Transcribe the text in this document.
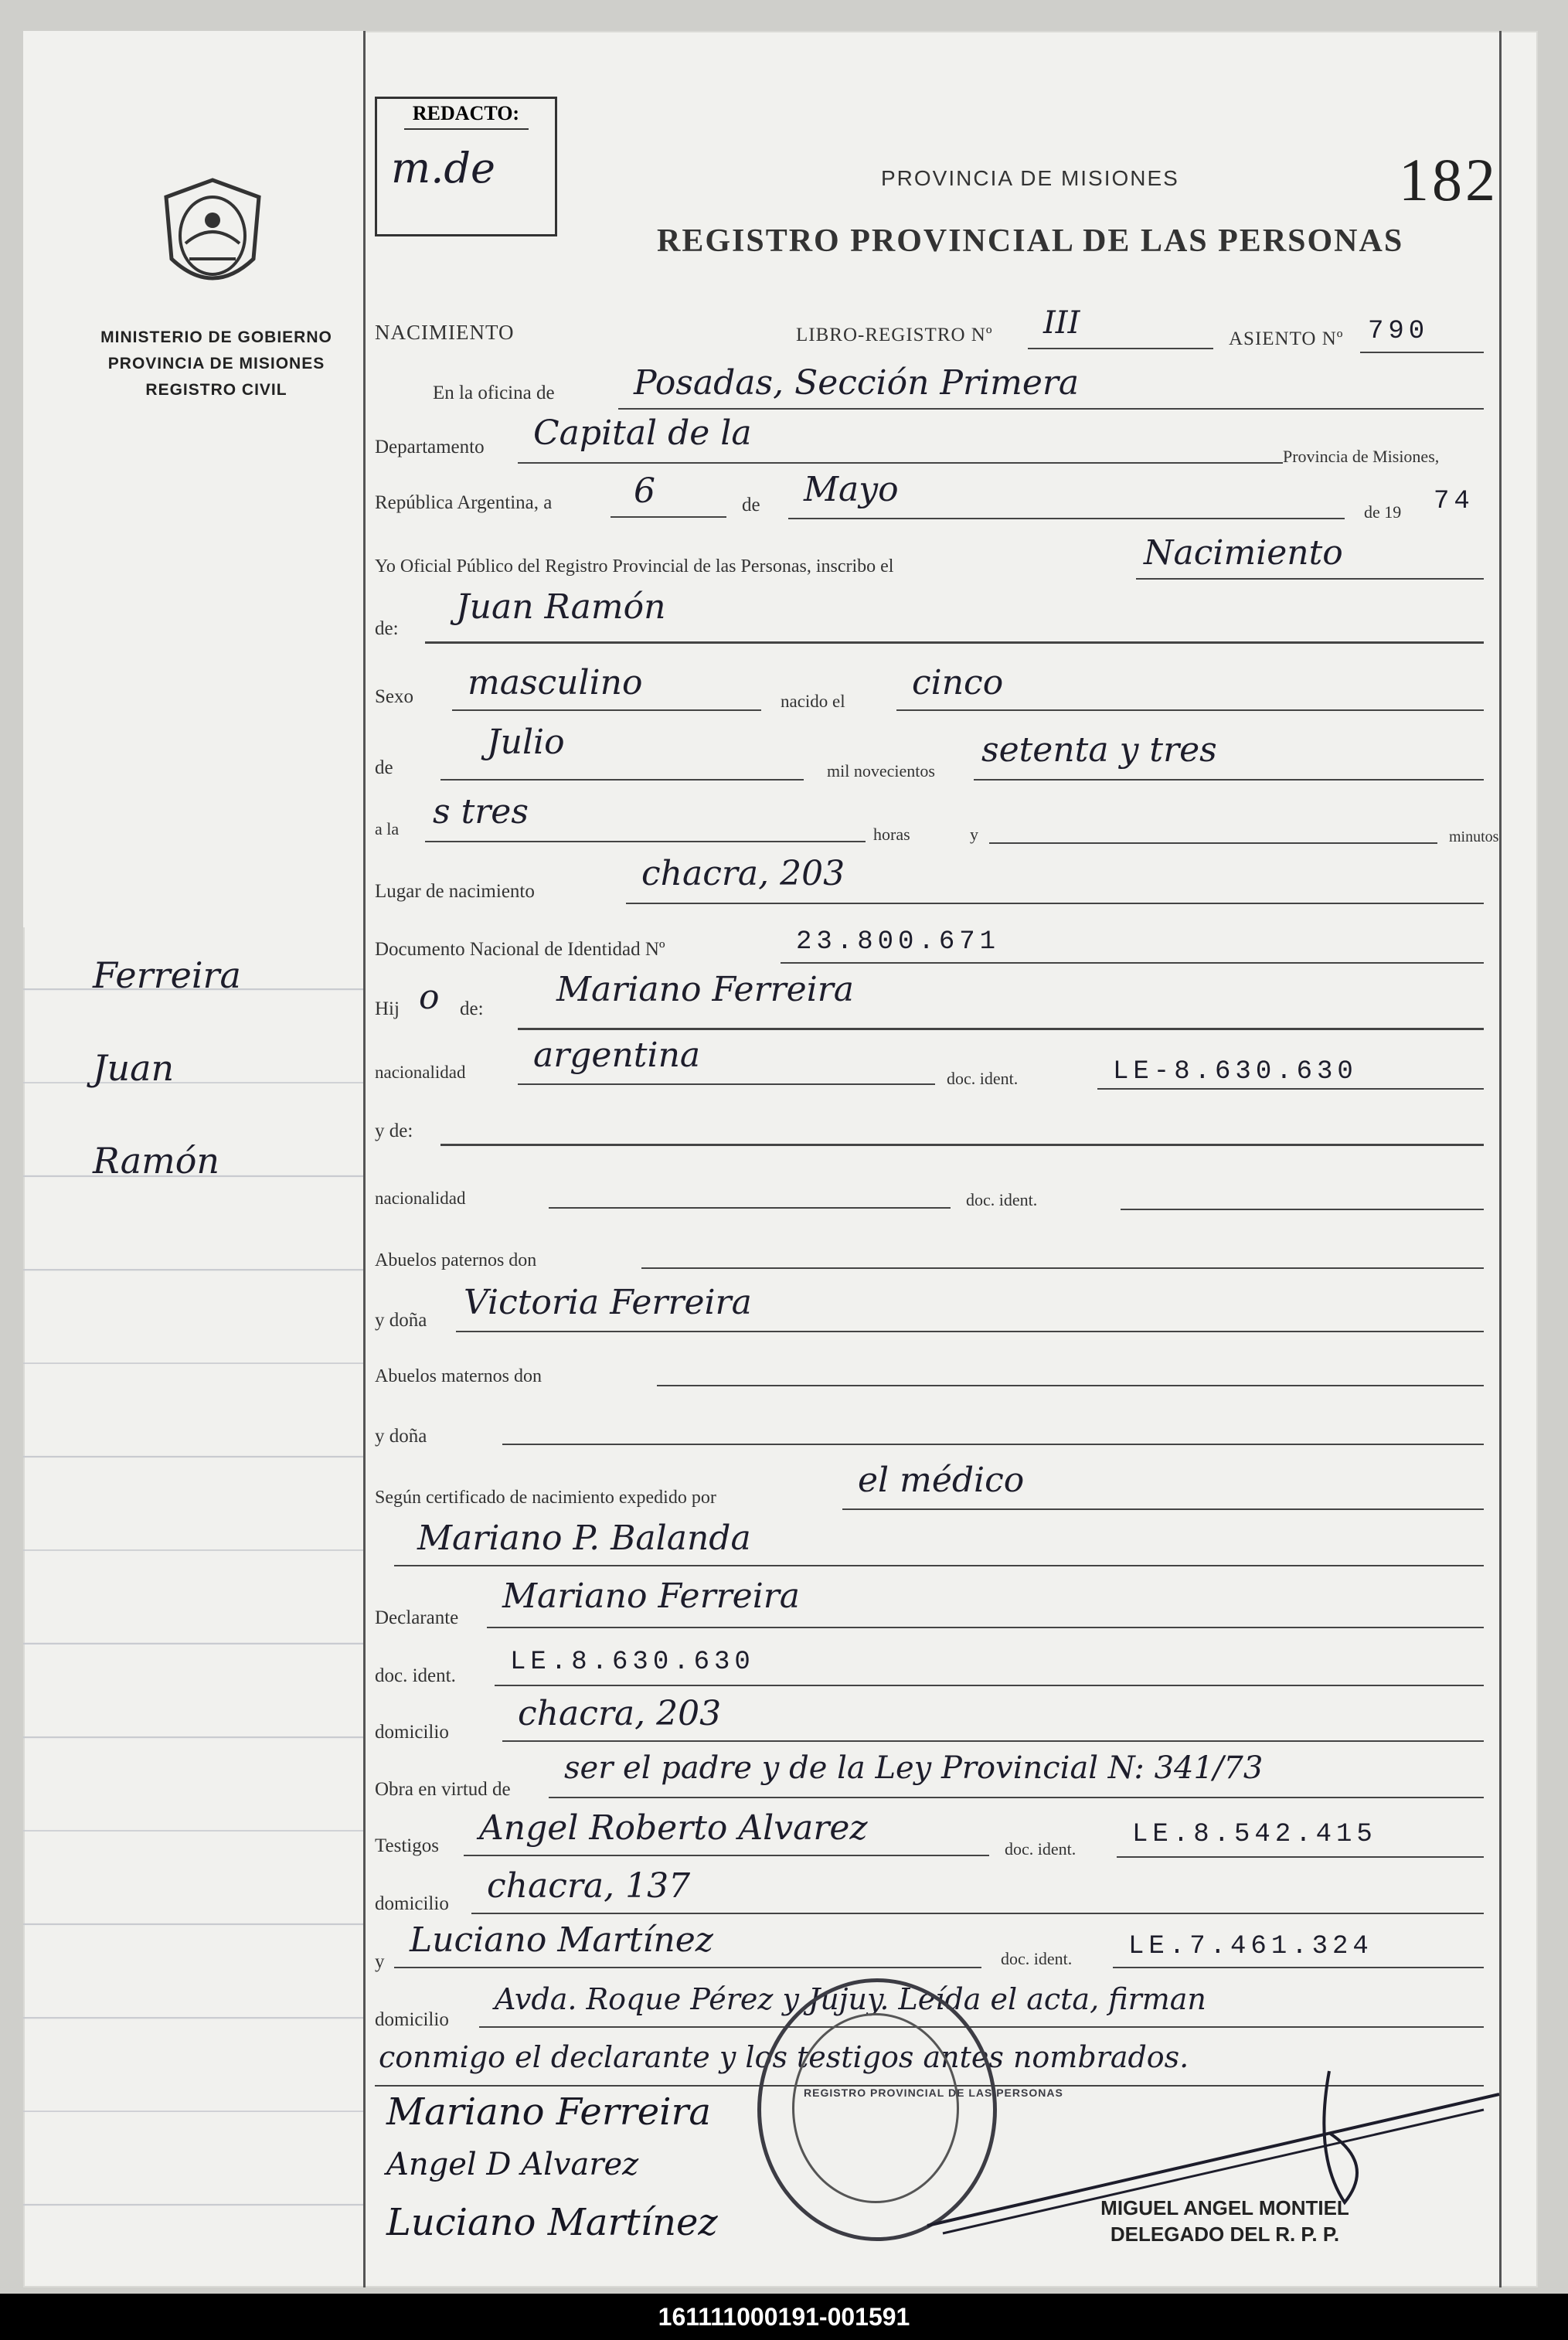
MINISTERIO DE GOBIERNO
PROVINCIA DE MISIONES
REGISTRO CIVIL
Ferreira
Juan
Ramón
REDACTO:
m.de	PROVINCIA DE MISIONES	182
REGISTRO PROVINCIAL DE LAS PERSONAS
NACIMIENTO	LIBRO-REGISTRO Nº III	ASIENTO Nº 790
En la oficina de Posadas, Sección Primera
Departamento Capital de la
Provincia de Misiones,
República Argentina, a 6	de Mayo
de 19 74
Yo Oficial Público del Registro Provincial de las Personas, inscribo el	Nacimiento
de:
Juan Ramón
Sexo masculino	nacido el cinco
de
Julio
mil novecientos
setenta y tres
a la s tres
horas	y	minutos
Lugar de nacimiento	chacra, 203
Documento Nacional de Identidad Nº	23.800.671
Hij o de: Mariano Ferreira
nacionalidad argentina
doc. ident.	LE-8.630.630
y de:
nacionalidad	doc. ident.
Abuelos paternos don
y doña Victoria Ferreira
Abuelos maternos don
y doña
Según certificado de nacimiento expedido por	el médico
Mariano P. Balanda
Declarante
Mariano Ferreira
doc. ident. LE.8.630.630
domicilio chacra, 203
Obra en virtud de
ser el padre y de la Ley Provincial N: 341/73
Testigos Angel Roberto Alvarez
doc. ident. LE.8.542.415
domicilio chacra, 137
y
Luciano Martínez	doc. ident. LE.7.461.324
domicilio
Avda. Roque Pérez y Jujuy. Leída el acta, firman
conmigo el declarante y los testigos antes nombrados.
Mariano Ferreira
Angel D Alvarez
Luciano Martínez
REGISTRO PROVINCIAL DE LAS PERSONAS
MIGUEL ANGEL MONTIEL
DELEGADO DEL R. P. P.
161111000191-001591
